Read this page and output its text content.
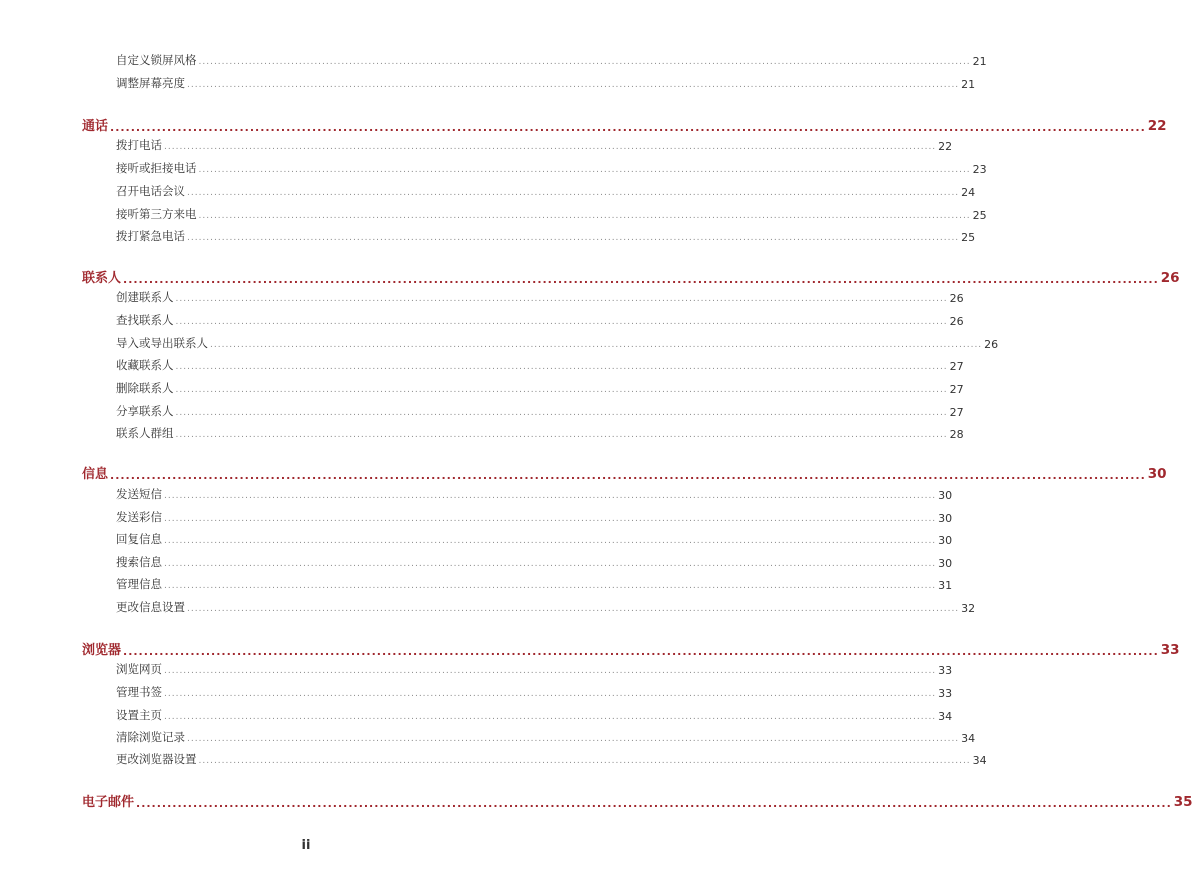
自定义锁屏风格 ........................................................................................................................................................................................................ 21
调整屏幕亮度 ........................................................................................................................................................................................................ 21
通话 ........................................................................................................................................................................................................ 22
拨打电话 ........................................................................................................................................................................................................ 22
接听或拒接电话 ........................................................................................................................................................................................................ 23
召开电话会议 ........................................................................................................................................................................................................ 24
接听第三方来电 ........................................................................................................................................................................................................ 25
拨打紧急电话 ........................................................................................................................................................................................................ 25
联系人 ........................................................................................................................................................................................................ 26
创建联系人 ........................................................................................................................................................................................................ 26
查找联系人 ........................................................................................................................................................................................................ 26
导入或导出联系人 ........................................................................................................................................................................................................ 26
收藏联系人 ........................................................................................................................................................................................................ 27
删除联系人 ........................................................................................................................................................................................................ 27
分享联系人 ........................................................................................................................................................................................................ 27
联系人群组 ........................................................................................................................................................................................................ 28
信息 ........................................................................................................................................................................................................ 30
发送短信 ........................................................................................................................................................................................................ 30
发送彩信 ........................................................................................................................................................................................................ 30
回复信息 ........................................................................................................................................................................................................ 30
搜索信息 ........................................................................................................................................................................................................ 30
管理信息 ........................................................................................................................................................................................................ 31
更改信息设置 ........................................................................................................................................................................................................ 32
浏览器 ........................................................................................................................................................................................................ 33
浏览网页 ........................................................................................................................................................................................................ 33
管理书签 ........................................................................................................................................................................................................ 33
设置主页 ........................................................................................................................................................................................................ 34
清除浏览记录 ........................................................................................................................................................................................................ 34
更改浏览器设置 ........................................................................................................................................................................................................ 34
电子邮件 ........................................................................................................................................................................................................ 35
ii
